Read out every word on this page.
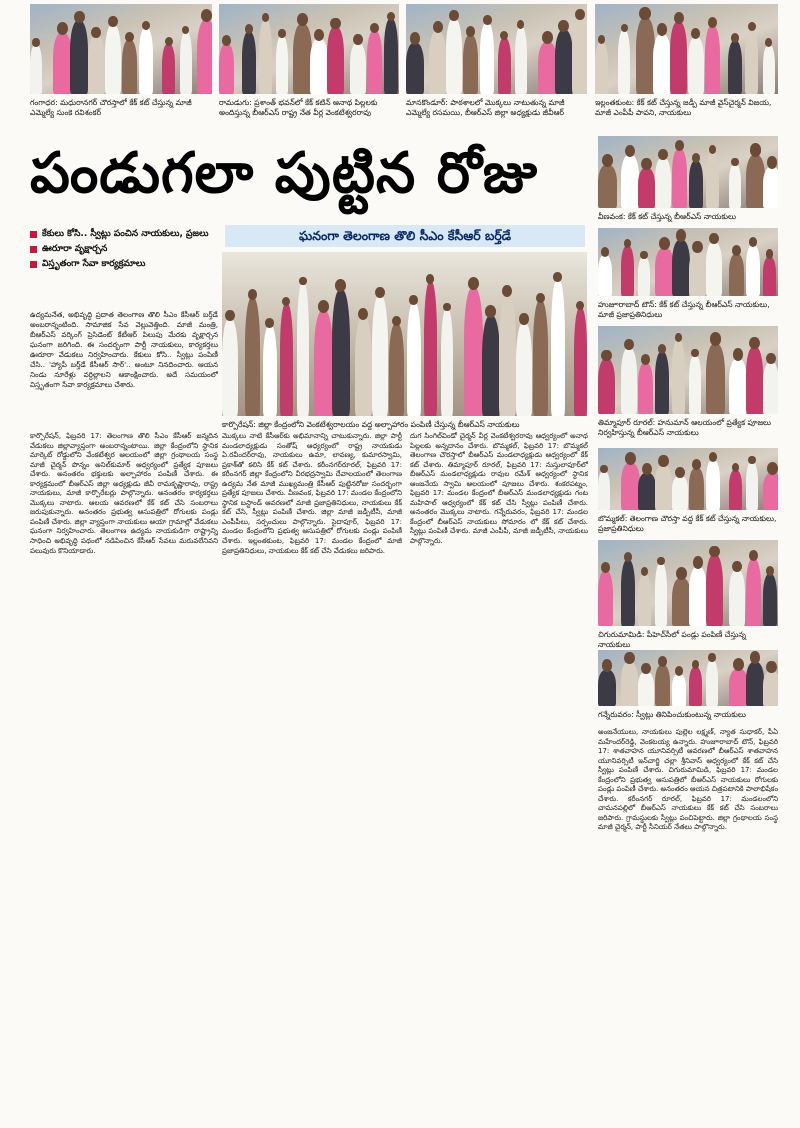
గంగాధర: మధురానగర్ చౌరస్తాలో కేక్ కట్ చేస్తున్న మాజీ ఎమ్మెల్యే సుంకె రవిశంకర్
రామడుగు: ప్రశాంత్ భవన్‌లో కేక్ కటిన్ ఆనాథ పిల్లలకు అందిస్తున్న బీఆర్ఎస్ రాష్ట్ర నేత వీర్ల వెంకటేశ్వరరావు
మానకొండూర్: పాఠశాలలో మొక్కలు నాటుతున్న మాజీ ఎమ్మెల్యే రసమయి, బీఆర్ఎస్ జిల్లా అధ్యక్షుడు జీవీఆర్
ఇల్లంతకుంట: కేక్ కట్ చేస్తున్న జడ్పీ మాజీ వైస్‌చైర్మన్ విజయ, మాజీ ఎంపీపీ పావని, నాయకులు
పండుగలా పుట్టిన రోజు
ఘనంగా తెలంగాణ తొలి సీఎం కేసీఆర్ బర్త్‌డే
కేకులు కోసి.. స్వీట్లు పంచిన నాయకులు, ప్రజలు
ఊరూరా వృక్షార్చన
విస్తృతంగా సేవా కార్యక్రమాలు
ఉద్యమనేత, అభివృద్ధి ప్రదాత తెలంగాణ తొలి సీఎం కేసీఆర్ బర్త్‌డే అంబరాన్నంటింది. సామాజిక సేవ వెల్లువెత్తింది. మాజీ మంత్రి, బీఆర్ఎస్ వర్కింగ్ ప్రెసిడెంట్ కేటీఆర్ పిలుపు మేరకు వృక్షార్చన ఘనంగా జరిగింది. ఈ సందర్భంగా పార్టీ నాయకులు, కార్యకర్తలు ఊరూరా వేడుకలు నిర్వహించారు. కేకులు కోసి.. స్వీట్లు పంపిణీ చేసి.. 'హ్యాపీ బర్త్‌డే కేసీఆర్ సార్'.. అంటూ నినదించారు. ఆయన నిండు నూరేళ్లు వర్ధిల్లాలని ఆకాంక్షించారు. అదే సమయంలో విస్తృతంగా సేవా కార్యక్రమాలు చేశారు.
కార్పొరేషన్: జిల్లా కేంద్రంలోని వెంకటేశ్వరాలయం వద్ద అల్పాహారం పంపిణీ చేస్తున్న బీఆర్ఎస్ నాయకులు
వీణవంక: కేక్ కట్ చేస్తున్న బీఆర్ఎస్ నాయకులు
హుజూరాబాద్ టౌన్: కేక్ కట్ చేస్తున్న బీఆర్ఎస్ నాయకులు, మాజీ ప్రజాప్రతినిధులు
తిమ్మాపూర్ రూరల్: హనుమాన్ ఆలయంలో ప్రత్యేక పూజలు నిర్వహిస్తున్న బీఆర్ఎస్ నాయకులు
బొమ్మకల్: తెలంగాణ చౌరస్తా వద్ద కేక్ కట్ చేస్తున్న నాయకులు, ప్రజాప్రతినిధులు
చిగురుమామిడి: పీహెచ్‌సీలో పండ్లు పంపిణీ చేస్తున్న నాయకులు
గన్నేరువరం: స్వీట్లు తినిపించుకుంటున్న నాయకులు
కార్పొరేషన్, ఫిబ్రవరి 17: తెలంగాణ తొలి సీఎం కేసీఆర్ జన్మదిన వేడుకలు జిల్లావ్యాప్తంగా అంబరాన్నంటాయి. జిల్లా కేంద్రంలోని స్థానిక మార్కెట్ రోడ్డులోని వేంకటేశ్వర ఆలయంలో జిల్లా గ్రంథాలయ సంస్థ మాజీ చైర్మన్ పొన్నం అనిల్‌కుమార్ ఆధ్వర్యంలో ప్రత్యేక పూజలు చేశారు. అనంతరం భక్తులకు అల్పాహారం పంపిణీ చేశారు. ఈ కార్యక్రమంలో బీఆర్ఎస్ జిల్లా అధ్యక్షుడు జీవీ రామకృష్ణారావు, రాష్ట్ర నాయకులు, మాజీ కార్పొరేటర్లు పాల్గొన్నారు. అనంతరం కార్యకర్తలు మొక్కలు నాటారు. ఆలయ ఆవరణలో కేక్ కట్ చేసి సంబరాలు జరుపుకున్నారు. అనంతరం ప్రభుత్వ ఆసుపత్రిలో రోగులకు పండ్లు పంపిణీ చేశారు. జిల్లా వ్యాప్తంగా నాయకులు ఆయా గ్రామాల్లో వేడుకలు ఘనంగా నిర్వహించారు. తెలంగాణ ఉద్యమ నాయకుడిగా రాష్ట్రాన్ని సాధించి అభివృద్ధి పథంలో నడిపించిన కేసీఆర్ సేవలు మరువలేనివని పలువురు కొనియాడారు.
మొక్కలు నాటి కేసీఆర్‌కు అభిమానాన్ని చాటుకున్నారు. జిల్లా పార్టీ మండలాధ్యక్షుడు సంతోష్ ఆధ్యర్యంలో రాష్ట్ర నాయకుడు ఏ.రవీందర్‌రావు, నాయకులు ఉమా, లావణ్య, కుమారస్వామి, ప్రకాశ్‌తో కలిసి కేక్ కట్ చేశారు. కరీంనగర్‌రూరల్, ఫిబ్రవరి 17: కరీంనగర్ జిల్లా కేంద్రంలోని వీరభద్రస్వామి దేవాలయంలో తెలంగాణ ఉద్యమ నేత మాజీ ముఖ్యమంత్రి కేసీఆర్ పుట్టినరోజు సందర్భంగా ప్రత్యేక పూజలు చేశారు. వీణవంక, ఫిబ్రవరి 17: మండల కేంద్రంలోని స్థానిక బస్టాండ్ ఆవరణలో మాజీ ప్రజాప్రతినిధులు, నాయకులు కేక్ కట్ చేసి, స్వీట్లు పంపిణీ చేశారు. జిల్లా మాజీ జడ్పీటీసీ, మాజీ ఎంపీపీలు, సర్పంచులు పాల్గొన్నారు. సైదాపూర్, ఫిబ్రవరి 17: మండల కేంద్రంలోని ప్రభుత్వ ఆసుపత్రిలో రోగులకు పండ్లు పంపిణీ చేశారు. ఇల్లంతకుంట, ఫిబ్రవరి 17: మండల కేంద్రంలో మాజీ ప్రజాప్రతినిధులు, నాయకులు కేక్ కట్ చేసి వేడుకలు జరిపారు.
దుగ సింగిల్‌విండో చైర్మన్ వీర్ల వెంకటేశ్వరరావు ఆధ్వర్యంలో అనాథ పిల్లలకు అన్నదానం చేశారు. బొమ్మకల్, ఫిబ్రవరి 17: బొమ్మకల్ తెలంగాణ చౌరస్తాలో బీఆర్ఎస్ మండలాధ్యక్షుడు ఆధ్వర్యంలో కేక్ కట్ చేశారు. తిమ్మాపూర్ రూరల్, ఫిబ్రవరి 17: నుస్తులాపూర్‌లో బీఆర్ఎస్ మండలాధ్యక్షుడు రావుల రమేశ్ ఆధ్వర్యంలో స్థానిక ఆంజనేయ స్వామి ఆలయంలో పూజలు చేశారు. శంకరపట్నం, ఫిబ్రవరి 17: మండల కేంద్రంలో బీఆర్ఎస్ మండలాధ్యక్షుడు గంట మహిపాల్ ఆధ్వర్యంలో కేక్ కట్ చేసి స్వీట్లు పంపిణీ చేశారు. అనంతరం మొక్కలు నాటారు. గన్నేరువరం, ఫిబ్రవరి 17: మండల కేంద్రంలో బీఆర్ఎస్ నాయకులు సోమారం లో కేక్ కట్ చేశారు. స్వీట్లు పంపిణీ చేశారు. మాజీ ఎంపీపీ, మాజీ జడ్పీటీసీ, నాయకులు పాల్గొన్నారు.
అంజనేయులు, నాయకులు పుల్లెల లక్ష్మణ్, న్యాత సుధాకర్, పీఏ మహేందర్‌రెడ్డి, వెంకటయ్య ఉన్నారు. హుజూరాబాద్ టౌన్, ఫిబ్రవరి 17: శాతవాహన యూనివర్సిటీ ఆవరణలో బీఆర్ఎస్ శాతవాహన యూనివర్సిటీ ఇన్‌చార్జి చల్లా శ్రీనివాస్ ఆధ్వర్యంలో కేక్ కట్ చేసి స్వీట్లు పంపిణీ చేశారు. చిగురుమామిడి, ఫిబ్రవరి 17: మండల కేంద్రంలోని ప్రభుత్వ ఆసుపత్రిలో బీఆర్ఎస్ నాయకులు రోగులకు పండ్లు పంపిణీ చేశారు. అనంతరం ఆయన చిత్రపటానికి పాలాభిషేకం చేశారు. కరీంనగర్ రూరల్, ఫిబ్రవరి 17: మండలంలోని చామనపల్లిలో బీఆర్ఎస్ నాయకులు కేక్ కట్ చేసి సంబరాలు జరిపారు. గ్రామస్థులకు స్వీట్లు పంచిపెట్టారు. జిల్లా గ్రంథాలయ సంస్థ మాజీ చైర్మన్, పార్టీ సీనియర్ నేతలు పాల్గొన్నారు.
